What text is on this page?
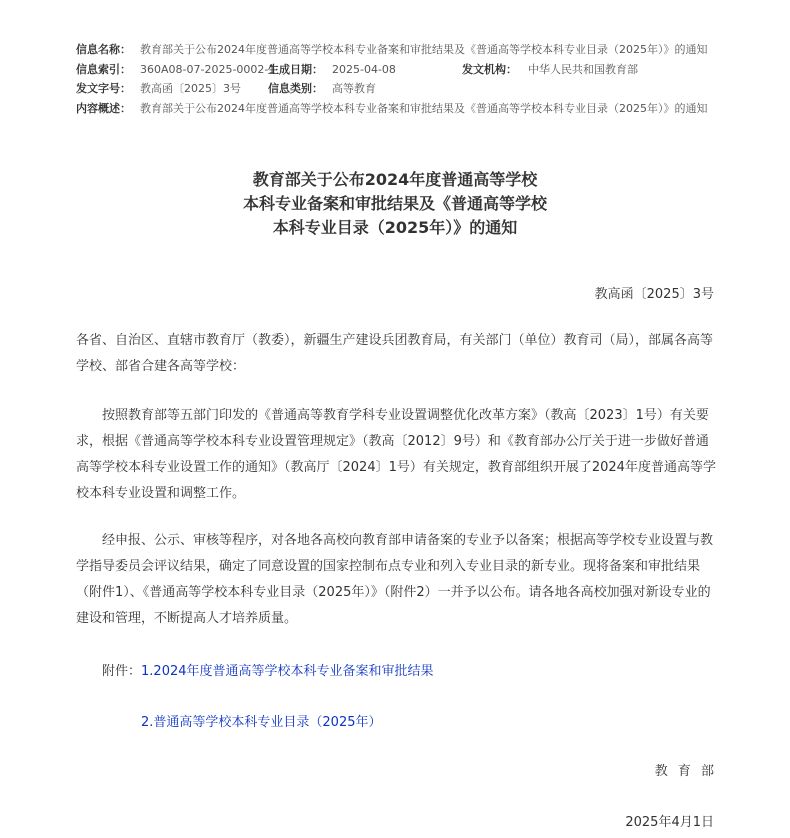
信息名称： 教育部关于公布2024年度普通高等学校本科专业备案和审批结果及《普通高等学校本科专业目录（2025年）》的通知
信息索引： 360A08-07-2025-0002-1生成日期： 2025-04-08	发文机构： 中华人民共和国教育部
发文字号： 教高函〔2025〕3号 信息类别： 高等教育
内容概述： 教育部关于公布2024年度普通高等学校本科专业备案和审批结果及《普通高等学校本科专业目录（2025年）》的通知
教育部关于公布2024年度普通高等学校
本科专业备案和审批结果及《普通高等学校
本科专业目录（2025年）》的通知
教高函〔2025〕3号
各省、自治区、直辖市教育厅（教委），新疆生产建设兵团教育局，有关部门（单位）教育司（局），部属各高等学校、部省合建各高等学校：
按照教育部等五部门印发的《普通高等教育学科专业设置调整优化改革方案》（教高〔2023〕1号）有关要求，根据《普通高等学校本科专业设置管理规定》（教高〔2012〕9号）和《教育部办公厅关于进一步做好普通高等学校本科专业设置工作的通知》（教高厅〔2024〕1号）有关规定，教育部组织开展了2024年度普通高等学校本科专业设置和调整工作。
经申报、公示、审核等程序，对各地各高校向教育部申请备案的专业予以备案；根据高等学校专业设置与教学指导委员会评议结果，确定了同意设置的国家控制布点专业和列入专业目录的新专业。现将备案和审批结果（附件1）、《普通高等学校本科专业目录（2025年）》（附件2）一并予以公布。请各地各高校加强对新设专业的建设和管理，不断提高人才培养质量。
附件：1.2024年度普通高等学校本科专业备案和审批结果
2.普通高等学校本科专业目录（2025年）
教 育 部
2025年4月1日
